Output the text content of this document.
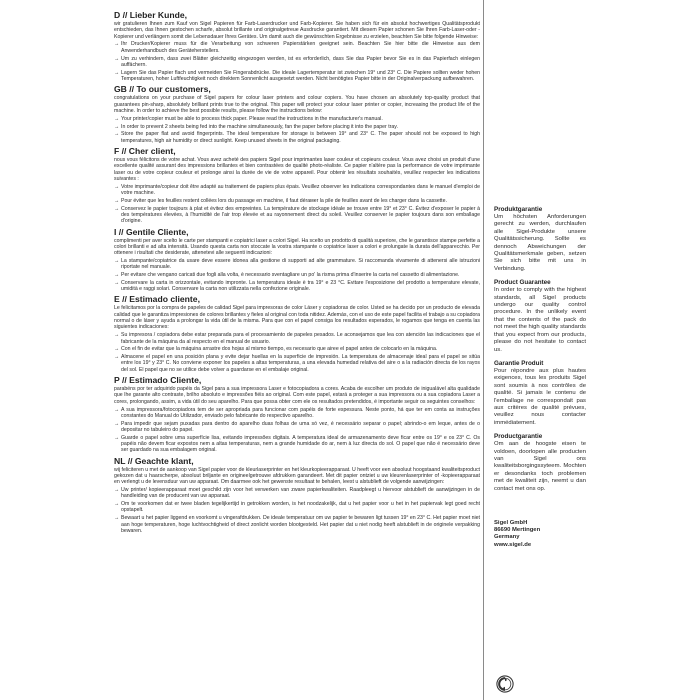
D // Lieber Kunde,

wir gratulieren Ihnen zum Kauf von Sigel Papieren für Farb-Laserdrucker und Farb-Kopierer. Sie haben sich für ein absolut hochwertiges Qualitätsprodukt entschieden, das Ihnen gestochen scharfe, absolut brillante und originalgetreue Ausdrucke garantiert. Mit diesem Papier schonen Sie Ihren Farb-Laser-oder -Kopierer und verlängern somit die Lebensdauer Ihres Gerätes. Um damit auch die gewünschten Ergebnisse zu erzielen, beachten Sie bitte folgende Hinweise:

→ Ihr Drucker/Kopierer muss für die Verarbeitung von schweren Papierstärken geeignet sein. Beachten Sie hier bitte die Hinweise aus dem Anwenderhandbuch des Geräteherstellers.

→ Um zu verhindern, dass zwei Blätter gleichzeitig eingezogen werden, ist es erforderlich, dass Sie das Papier bevor Sie es in das Papierfach einlegen auffächern.

→ Lagern Sie das Papier flach und vermeiden Sie Fingerabdrücke. Die ideale Lagertemperatur ist zwischen 19° und 23° C. Die Papiere sollten weder hohen Temperaturen, hoher Luftfeuchtigkeit noch direktem Sonnenlicht ausgesetzt werden. Nicht benötigtes Papier bitte in der Originalverpackung aufbewahren.

GB // To our customers,

congratulations on your purchase of Sigel papers for colour laser printers and colour copiers. You have chosen an absolutely top-quality product that guarantees pin-sharp, absolutely brilliant prints true to the original. This paper will protect your colour laser printer or copier, increasing the product life of the machine. In order to achieve the best possible results, please follow the instructions below:

→ Your printer/copier must be able to process thick paper. Please read the instructions in the manufacturer's manual.

→ In order to prevent 2 sheets being fed into the machine simultaneously, fan the paper before placing it into the paper tray.

→ Store the paper flat and avoid fingerprints. The ideal temperature for storage is between 19° and 23° C. The paper should not be exposed to high temperatures, high air humidity or direct sunlight. Keep unused sheets in the original packaging.

F // Cher client,

nous vous félicitons de votre achat. Vous avez acheté des papiers Sigel pour imprimantes laser couleur et copieurs couleur. Vous avez choisi un produit d'une excellente qualité assurant des impressions brillantes et bien contrastées de qualité photo-réaliste. Ce papier n'altère pas la performance de votre imprimante laser ou de votre copieur couleur et prolonge ainsi la durée de vie de votre appareil. Pour obtenir les résultats souhaités, veuillez respecter les indications suivantes :

→ Votre imprimante/copieur doit être adapté au traitement de papiers plus épais. Veuillez observer les indications correspondantes dans le manuel d'emploi de votre machine.

→ Pour éviter que les feuilles restent collées lors du passage en machine, il faut dérамer la pile de feuilles avant de les charger dans la cassette.

→ Conservez le papier toujours à plat et évitez des empreintes. La température de stockage idéale se trouve entre 19° et 23° C. Évitez d'exposer le papier à des températures élevées, à l'humidité de l'air trop élevée et au rayonnement direct du soleil. Veuillez conserver le papier toujours dans son emballage d'origine.

I // Gentile Cliente,

complimenti per aver scelto le carte per stampanti e copiatrici laser a colori Sigel. Ha scelto un prodotto di qualità superiore, che le garantisce stampe perfette a colori brillanti e ad alta intensità. Usando questa carta non stoccate la vostra stampante o copiatrice laser a colori e prolungate la durata dell'apparecchio. Per ottenere i risultati che desiderate, attenetevi alle seguenti indicazioni:

→ La stampante/copiatrice da usare deve essere idonea alla gestione di supporti ad alte grammature. Si raccomanda vivamente di attenersi alle istruzioni riportate nel manuale.

→ Per evitare che vengano caricati due fogli alla volta, è necessario sventagliare un po' la risma prima d'inserire la carta nel cassetto di alimentazione.

→ Conservare la carta in orizzontale, evitando impronte. La temperatura ideale è tra 19° e 23 °C. Evitare l'esposizione del prodotto a temperature elevate, umidità e raggi solari. Conservare la carta non utilizzata nella confezione originale.

E // Estimado cliente,

Le felicitamos por la compra de papeles de calidad Sigel para impresoras de color Láser y copiadoras de color. Usted se ha decido por un producto de elevada calidad que le garantiza impresiones de colores brillantes y fieles al original con toda nitidez. Además, con el uso de este papel facilita el trabajo a su copiadora normal o de láser y ayuda a prolongar la vida útil de la misma. Para que con el papel consiga los resultados esperados, le rogamos que tenga en cuenta las siguientes indicaciones:

→ Su impresora / copiadora debe estar preparada para el procesamiento de papeles pesados. Le aconsejamos que lea con atención las indicaciones que el fabricante de la máquina da al respecto en el manual de usuario.

→ Con el fin de evitar que la máquina arrastre dos hojas al mismo tiempo, es necesario que airee el papel antes de colocarlo en la máquina.

→ Almacene el papel en una posición plana y evite dejar huellas en la superficie de impresión. La temperatura de almacenaje ideal para el papel se sitúa entre los 19° y 23° C. No conviene exponer los papeles a altas temperaturas, a una elevada humedad relativa del aire o a la radiación directa de los rayos del sol. El papel que no se utilice debe volver a guardarse en el embalaje original.

P // Estimado Cliente,

parabéns por ter adquirido papéis da Sigel para a sua impressora Laser e fotocopiadora a cores. Acaba de escolher um produto de inigualável alta qualidade que lhe garante alto contraste, brilho absoluto e impressões fiéis ao original. Com este papel, estará a proteger a sua impressora ou a sua copiadora Laser a cores, prolongando, assim, a vida útil do seu aparelho. Para que possa obter com ele os resultados pretendidos, é importante seguir os seguintes conselhos:

→ A sua impressora/fotocopiadora tem de ser apropriada para funcionar com papéis de forte espessura. Neste ponto, há que ter em conta as instruções constantes do Manual do Utilizador, enviado pelo fabricante do respectivo aparelho.

→ Para impedir que sejam puxadas para dentro do aparelho duas folhas de uma só vez, é necessário separar o papel; abrindo-o em leque, antes de o depositar no tabuleiro do papel.

→ Guarde o papel sobre uma superfície lisa, evitando impressões digitais. A temperatura ideal de armazenamento deve ficar entre os 19° e os 23° C. Os papéis não devem ficar expostos nem a altas temperaturas, nem a grande humidade do ar, nem à luz directa do sol. O papel que não é necessário deve ser guardado na sua embalagem original.

NL // Geachte klant,

wij feliciteren u met de aankoop van Sigel papier voor de kleurlaserprinter en het kleurkopieerapparaat. U heeft voor een absoluut hoogstaand kwaliteitsproduct gekozen dat u haarscherpe, absoluut briljante en origineelgetrouwe afdrukken garandeert. Met dit papier ontziet u uw kleurenlaserprinter of -kopieerapparaat en verlengt u de levensduur van uw apparaat. Om daarmee ook het gewenste resultaat te behalen, leest u alstublieft de volgende aanwijzingen:

→ Uw printer/ kopieerapparaat moet geschikt zijn voor het verwerken van zware papierkwaliteiten. Raadpleegt u hiervoor alstublieft de aanwijzingen in de handleiding van de producent van uw apparaat.

→ Om te voorkomen dat er twee bladen tegelijkertijd in getrokken worden, is het noodzakelijk, dat u het papier voor u het in het papiervak legt goed recht opstapelt.

→ Bewaart u het papier liggend en voorkomt u vingerafdrukken. De ideale temperatuur om uw papier te bewaren ligt tussen 19° en 23° C. Het papier moet niet aan hoge temperaturen, hoge luchtvochtigheid of direct zonlicht worden blootgesteld. Het papier dat u niet nodig heeft alstublieft in de originele verpakking bewaren.

Produktgarantie

Um höchsten Anforderungen gerecht zu werden, durchlaufen alle Sigel-Produkte unsere Qualitätssicherung. Sollte es dennoch Abweichungen der Qualitätsmerkmale geben, setzen Sie sich bitte mit uns in Verbindung.

Product Guarantee

In order to comply with the highest standards, all Sigel products undergo our quality control procedure. In the unlikely event that the contents of the pack do not meet the high quality standards that you expect from our products, please do not hesitate to contact us.

Garantie Produit

Pour répondre aux plus hautes exigences, tous les produits Sigel sont soumis à nos contrôles de qualité. Si jamais le contenu de l'emballage ne correspondait pas aux critères de qualité prévues, veuillez nous contacter immédiatement.

Productgarantie

Om aan de hoogste eisen te voldoen, doorlopen alle producten van Sigel ons kwaliteitsborgingssyteem. Mochten er desondanks toch problemen met de kwaliteit zijn, neemt u dan contact met ons op.

Sigel GmbH
86690 Mertingen
Germany
www.sigel.de
